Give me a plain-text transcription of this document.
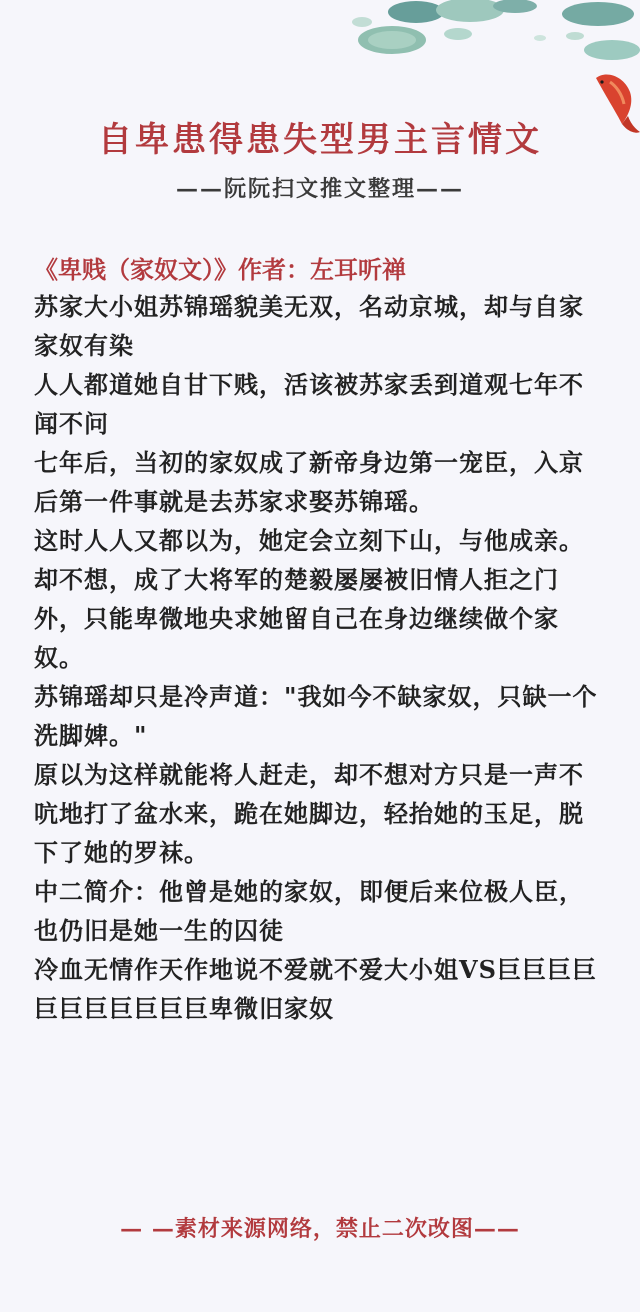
自卑患得患失型男主言情文
——阮阮扫文推文整理——
《卑贱（家奴文）》作者：左耳听禅

苏家大小姐苏锦瑶貌美无双，名动京城，却与自家家奴有染

人人都道她自甘下贱，活该被苏家丢到道观七年不闻不问

七年后，当初的家奴成了新帝身边第一宠臣，入京后第一件事就是去苏家求娶苏锦瑶。

这时人人又都以为，她定会立刻下山，与他成亲。

却不想，成了大将军的楚毅屡屡被旧情人拒之门外，只能卑微地央求她留自己在身边继续做个家奴。

苏锦瑶却只是冷声道："我如今不缺家奴，只缺一个洗脚婢。"

原以为这样就能将人赶走，却不想对方只是一声不吭地打了盆水来，跪在她脚边，轻抬她的玉足，脱下了她的罗袜。

中二简介：他曾是她的家奴，即便后来位极人臣，也仍旧是她一生的囚徒

冷血无情作天作地说不爱就不爱大小姐VS巨巨巨巨巨巨巨巨巨巨巨卑微旧家奴

— —素材来源网络，禁止二次改图——
